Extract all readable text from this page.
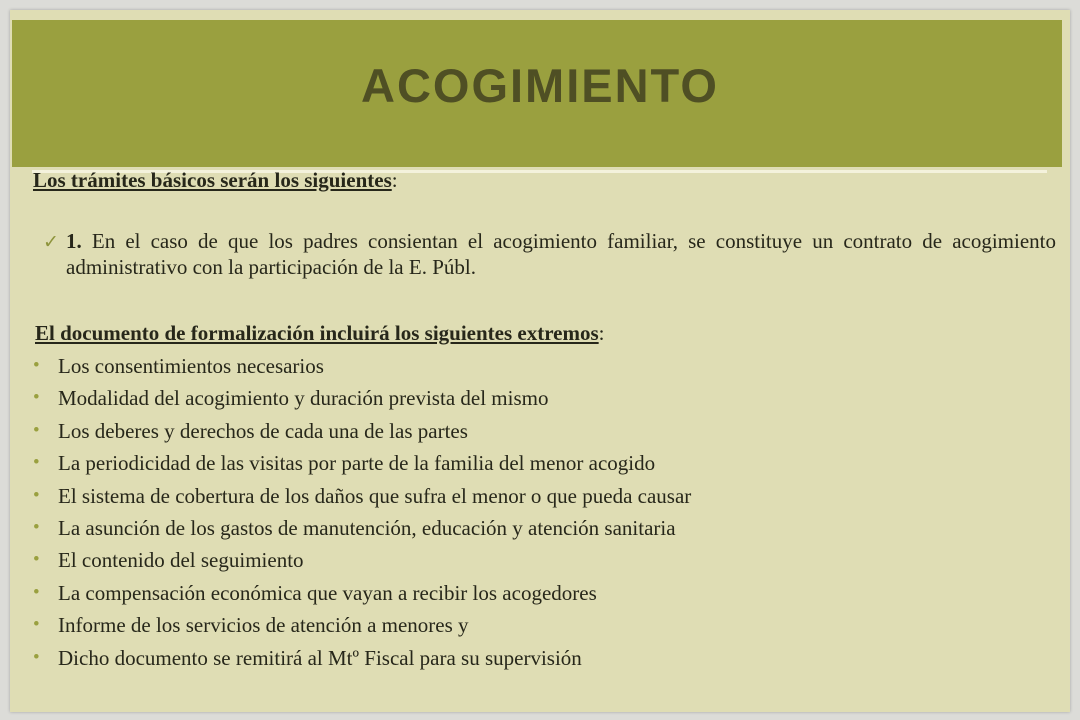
ACOGIMIENTO

Los trámites básicos serán los siguientes:

✓ 1. En el caso de que los padres consientan el acogimiento familiar, se constituye un contrato de acogimiento administrativo con la participación de la E. Públ.

El documento de formalización incluirá los siguientes extremos:

• Los consentimientos necesarios
• Modalidad del acogimiento y duración prevista del mismo
• Los deberes y derechos de cada una de las partes
• La periodicidad de las visitas por parte de la familia del menor acogido
• El sistema de cobertura de los daños que sufra el menor o que pueda causar
• La asunción de los gastos de manutención, educación y atención sanitaria
• El contenido del seguimiento
• La compensación económica que vayan a recibir los acogedores
• Informe de los servicios de atención a menores y
• Dicho documento se remitirá al Mtº Fiscal para su supervisión
